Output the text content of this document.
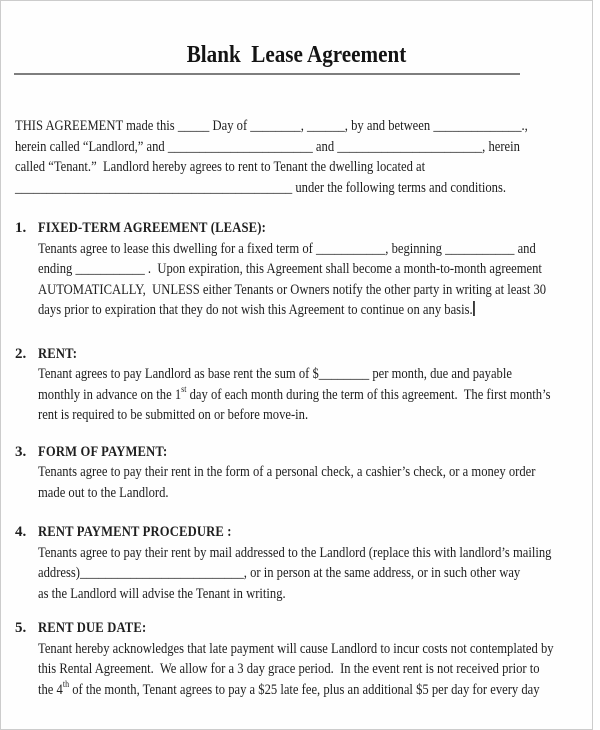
Blank  Lease Agreement
THIS AGREEMENT made this _____ Day of ________, ______, by and between ______________.,
herein called “Landlord,” and _______________________ and _______________________, herein
called “Tenant.”  Landlord hereby agrees to rent to Tenant the dwelling located at
____________________________________________ under the following terms and conditions.
1. FIXED-TERM AGREEMENT (LEASE):
Tenants agree to lease this dwelling for a fixed term of ___________, beginning ___________ and
ending ___________ .  Upon expiration, this Agreement shall become a month-to-month agreement
AUTOMATICALLY,  UNLESS either Tenants or Owners notify the other party in writing at least 30
days prior to expiration that they do not wish this Agreement to continue on any basis.
2. RENT:
Tenant agrees to pay Landlord as base rent the sum of $________ per month, due and payable
monthly in advance on the 1st day of each month during the term of this agreement.  The first month’s
rent is required to be submitted on or before move-in.
3. FORM OF PAYMENT:
Tenants agree to pay their rent in the form of a personal check, a cashier’s check, or a money order
made out to the Landlord.
4. RENT PAYMENT PROCEDURE :
Tenants agree to pay their rent by mail addressed to the Landlord (replace this with landlord’s mailing
address)__________________________, or in person at the same address, or in such other way
as the Landlord will advise the Tenant in writing.
5. RENT DUE DATE:
Tenant hereby acknowledges that late payment will cause Landlord to incur costs not contemplated by
this Rental Agreement.  We allow for a 3 day grace period.  In the event rent is not received prior to
the 4th of the month, Tenant agrees to pay a $25 late fee, plus an additional $5 per day for every day
